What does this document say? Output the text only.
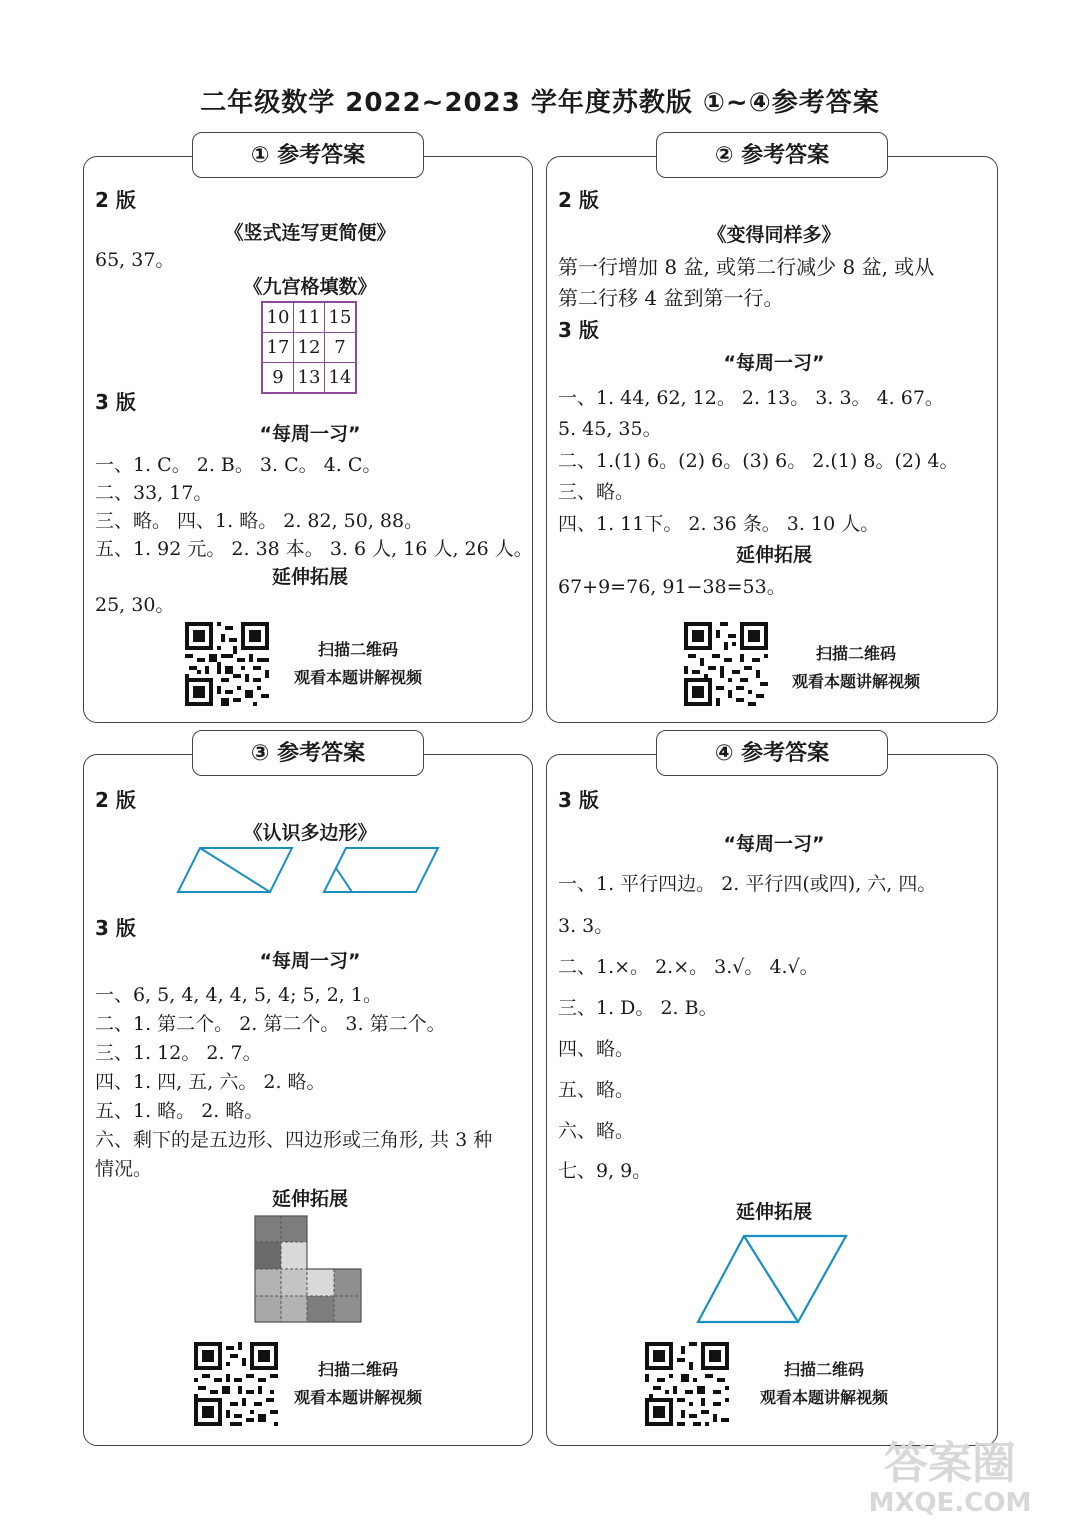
二年级数学 2022~2023 学年度苏教版 ①~④参考答案
① 参考答案
2 版
《竖式连写更简便》
65, 37。
《九宫格填数》
10	11	15
17	12	7
9	13	14
3 版
“每周一习”
一、1. C。 2. B。 3. C。 4. C。
二、33, 17。
三、略。 四、1. 略。 2. 82, 50, 88。
五、1. 92 元。 2. 38 本。 3. 6 人, 16 人, 26 人。
延伸拓展
25, 30。
扫描二维码
观看本题讲解视频
② 参考答案
2 版
《变得同样多》
第一行增加 8 盆, 或第二行减少 8 盆, 或从
第二行移 4 盆到第一行。
3 版
“每周一习”
一、1. 44, 62, 12。 2. 13。 3. 3。 4. 67。
5. 45, 35。
二、1.(1) 6。(2) 6。(3) 6。 2.(1) 8。(2) 4。
三、略。
四、1. 11下。 2. 36 条。 3. 10 人。
延伸拓展
67+9=76, 91−38=53。
扫描二维码
观看本题讲解视频
③ 参考答案
2 版
《认识多边形》
3 版
“每周一习”
一、6, 5, 4, 4, 4, 5, 4; 5, 2, 1。
二、1. 第二个。 2. 第二个。 3. 第二个。
三、1. 12。 2. 7。
四、1. 四, 五, 六。 2. 略。
五、1. 略。 2. 略。
六、剩下的是五边形、四边形或三角形, 共 3 种
情况。
延伸拓展
扫描二维码
观看本题讲解视频
④ 参考答案
3 版
“每周一习”
一、1. 平行四边。 2. 平行四(或四), 六, 四。
3. 3。
二、1.×。 2.×。 3.√。 4.√。
三、1. D。 2. B。
四、略。
五、略。
六、略。
七、9, 9。
延伸拓展
扫描二维码
观看本题讲解视频
答案圈
MXQE.COM
